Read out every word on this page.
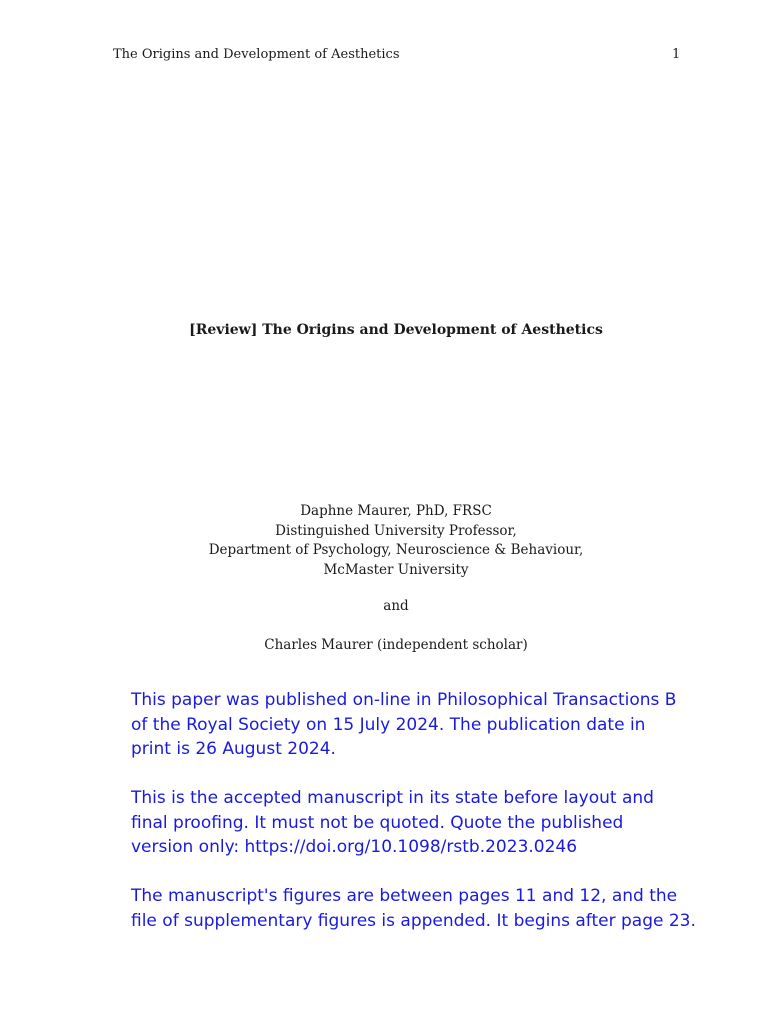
The Origins and Development of Aesthetics	1
[Review] The Origins and Development of Aesthetics
Daphne Maurer, PhD, FRSC
Distinguished University Professor,
Department of Psychology, Neuroscience & Behaviour,
McMaster University
and
Charles Maurer (independent scholar)
This paper was published on-line in Philosophical Transactions B
of the Royal Society on 15 July 2024. The publication date in
print is 26 August 2024.
This is the accepted manuscript in its state before layout and
final proofing. It must not be quoted. Quote the published
version only: https://doi.org/10.1098/rstb.2023.0246
The manuscript's figures are between pages 11 and 12, and the
file of supplementary figures is appended. It begins after page 23.
